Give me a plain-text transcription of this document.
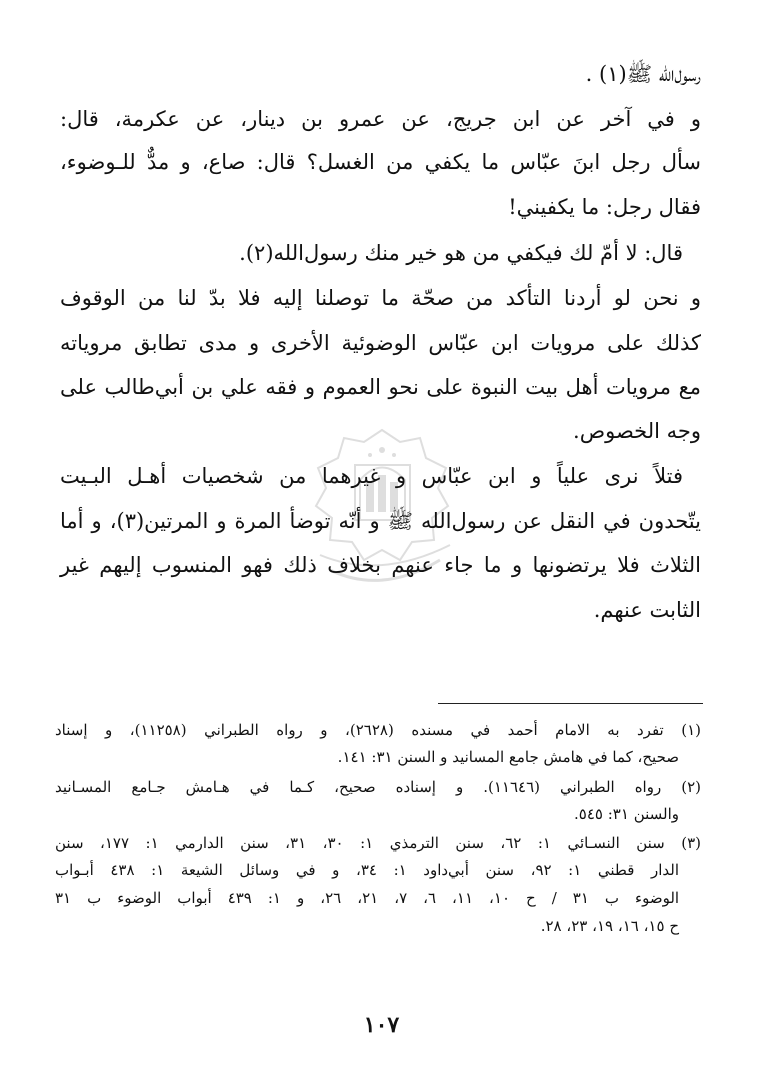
رسول‌الله ﷺ(١) .
و في آخر عن ابن جريج، عن عمرو بن دينار، عن عكرمة، قال:
سأل رجل ابنَ عبّاس ما يكفي من الغسل؟ قال: صاع، و مدٌّ للـوضوء،
فقال رجل: ما يكفيني!
قال: لا أمّ لك فيكفي من هو خير منك رسول‌الله(٢).
و نحن لو أردنا التأكد من صحّة ما توصلنا إليه فلا بدّ لنا من الوقوف
كذلك على مرويات ابن عبّاس الوضوئية الأخرى و مدى تطابق مروياته
مع مرويات أهل بيت النبوة على نحو العموم و فقه علي بن أبي‌طالب على
وجه الخصوص.
فتلاً نرى علياً و ابن عبّاس و غيرهما من شخصيات أهـل البـيت
يتّحدون في النقل عن رسول‌الله ﷺ و أنّه توضأ المرة و المرتين(٣)، و أما
الثلاث فلا يرتضونها و ما جاء عنهم بخلاف ذلك فهو المنسوب إليهم غير
الثابت عنهم.
(١) تفرد به الامام أحمد في مسنده (٢٦٢٨)، و رواه الطبراني (١١٢٥٨)، و إسناد
صحيح، كما في هامش جامع المسانيد و السنن ٣١: ١٤١.
(٢) رواه الطبراني (١١٦٤٦). و إسناده صحيح، كـما في هـامش جـامع المسـانيد
والسنن ٣١: ٥٤٥.
(٣) سنن النسـائي ١: ٦٢، سنن الترمذي ١: ٣٠، ٣١، سنن الدارمي ١: ١٧٧، سنن
الدار قطني ١: ٩٢، سنن أبي‌داود ١: ٣٤، و في وسائل الشيعة ١: ٤٣٨ أبـواب
الوضوء ب ٣١ / ح ١٠، ١١، ٦، ٧، ٢١، ٢٦، و ١: ٤٣٩ أبواب الوضوء ب ٣١
ح ١٥، ١٦، ١٩، ٢٣، ٢٨.
١٠٧
